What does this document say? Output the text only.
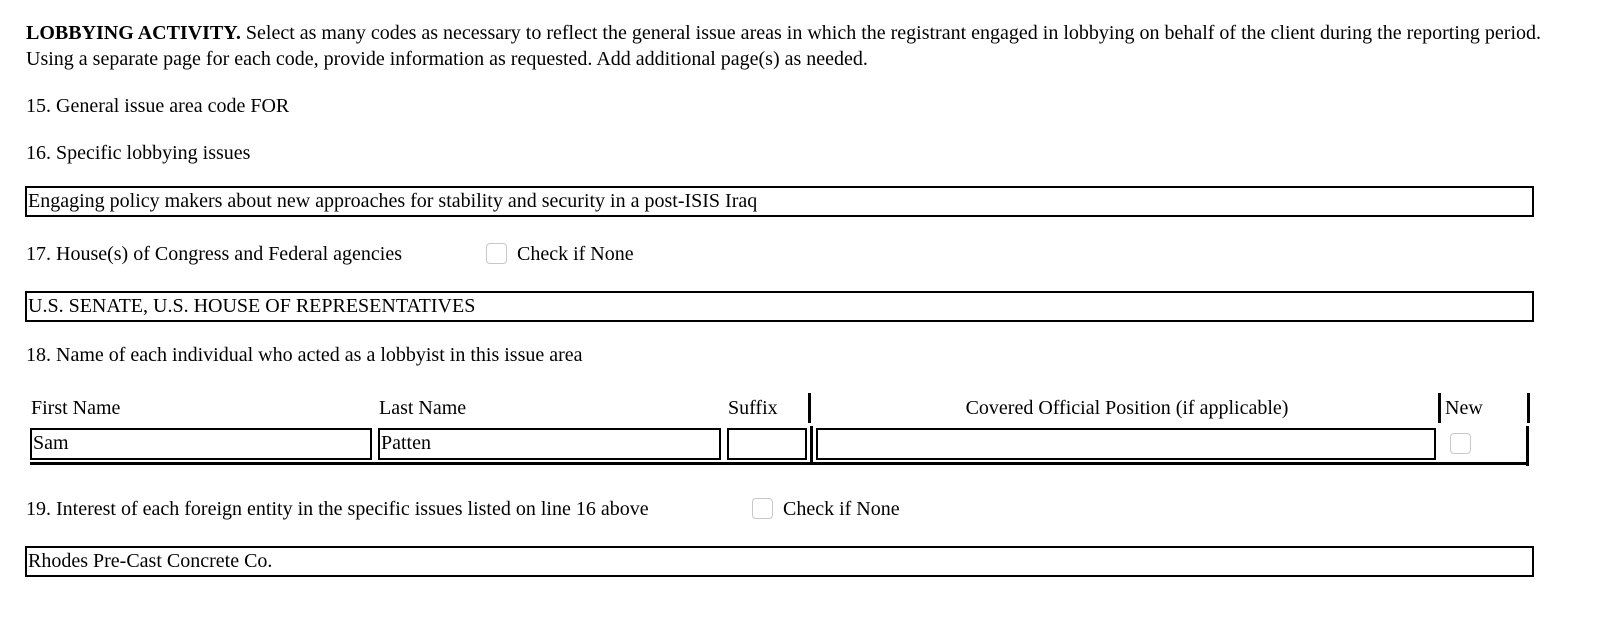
LOBBYING ACTIVITY. Select as many codes as necessary to reflect the general issue areas in which the registrant engaged in lobbying on behalf of the client during the reporting period. Using a separate page for each code, provide information as requested. Add additional page(s) as needed.
15. General issue area code FOR
16. Specific lobbying issues
Engaging policy makers about new approaches for stability and security in a post-ISIS Iraq
17. House(s) of Congress and Federal agencies	Check if None
U.S. SENATE, U.S. HOUSE OF REPRESENTATIVES
18. Name of each individual who acted as a lobbyist in this issue area
First Name	Last Name	Suffix	Covered Official Position (if applicable)	New
Sam	Patten
19. Interest of each foreign entity in the specific issues listed on line 16 above	Check if None
Rhodes Pre-Cast Concrete Co.
